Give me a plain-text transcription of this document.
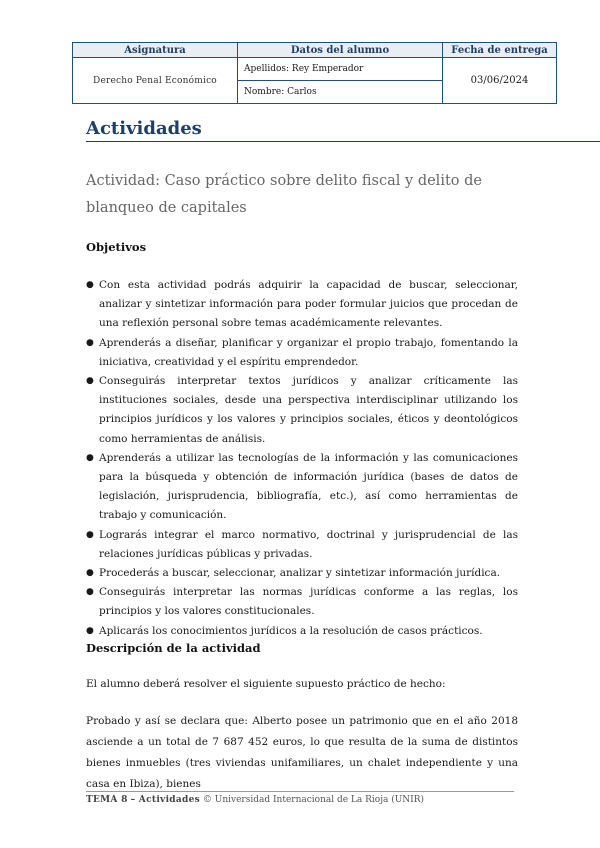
Asignatura	Datos del alumno	Fecha de entrega
Derecho Penal Económico	Apellidos: Rey Emperador	03/06/2024
	Nombre: Carlos	
Actividades
Actividad: Caso práctico sobre delito fiscal y delito de blanqueo de capitales
Objetivos
● Con esta actividad podrás adquirir la capacidad de buscar, seleccionar, analizar y sintetizar información para poder formular juicios que procedan de una reflexión personal sobre temas académicamente relevantes.
● Aprenderás a diseñar, planificar y organizar el propio trabajo, fomentando la iniciativa, creatividad y el espíritu emprendedor.
● Conseguirás interpretar textos jurídicos y analizar críticamente las instituciones sociales, desde una perspectiva interdisciplinar utilizando los principios jurídicos y los valores y principios sociales, éticos y deontológicos como herramientas de análisis.
● Aprenderás a utilizar las tecnologías de la información y las comunicaciones para la búsqueda y obtención de información jurídica (bases de datos de legislación, jurisprudencia, bibliografía, etc.), así como herramientas de trabajo y comunicación.
● Lograrás integrar el marco normativo, doctrinal y jurisprudencial de las relaciones jurídicas públicas y privadas.
● Procederás a buscar, seleccionar, analizar y sintetizar información jurídica.
● Conseguirás interpretar las normas jurídicas conforme a las reglas, los principios y los valores constitucionales.
● Aplicarás los conocimientos jurídicos a la resolución de casos prácticos.
Descripción de la actividad
El alumno deberá resolver el siguiente supuesto práctico de hecho:
Probado y así se declara que: Alberto posee un patrimonio que en el año 2018 asciende a un total de 7 687 452 euros, lo que resulta de la suma de distintos bienes inmuebles (tres viviendas unifamiliares, un chalet independiente y una casa en Ibiza), bienes
TEMA 8 – Actividades © Universidad Internacional de La Rioja (UNIR)
